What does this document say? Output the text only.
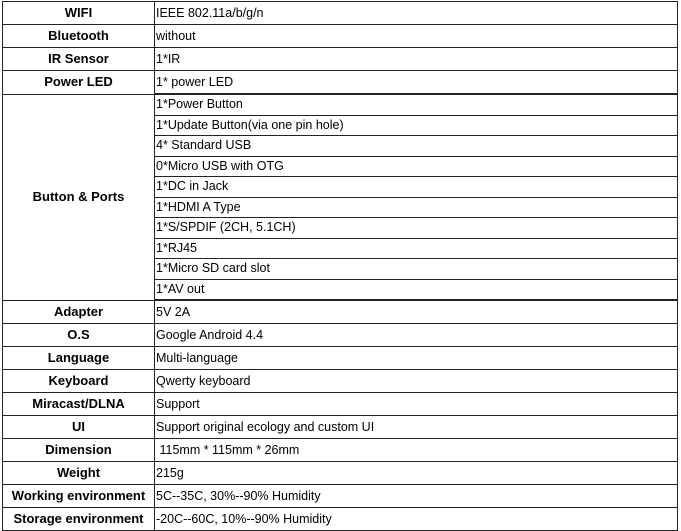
WIFI	IEEE 802.11a/b/g/n
Bluetooth	without
IR Sensor	1*IR
Power LED	1* power LED
Button & Ports	1*Power Button
	1*Update Button(via one pin hole)
	4* Standard USB
	0*Micro USB with OTG
	1*DC in Jack
	1*HDMI A Type
	1*S/SPDIF (2CH, 5.1CH)
	1*RJ45
	1*Micro SD card slot
	1*AV out
Adapter	5V 2A
O.S	Google Android 4.4
Language	Multi-language
Keyboard	Qwerty keyboard
Miracast/DLNA	Support
UI	Support original ecology and custom UI
Dimension	115mm * 115mm * 26mm
Weight	215g
Working environment	5C--35C, 30%--90% Humidity
Storage environment	-20C--60C, 10%--90% Humidity
